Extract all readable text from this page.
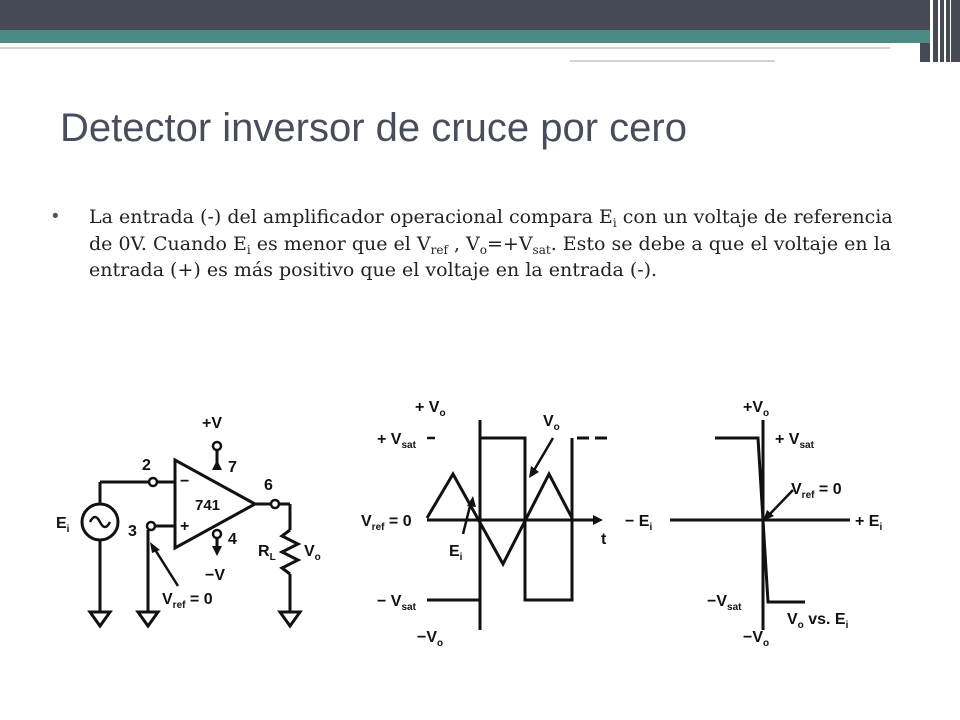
Detector inversor de cruce por cero
• La entrada (-) del amplificador operacional compara $E_i$ con un voltaje de referencia de 0V. Cuando $E_i$ es menor que el $V_{ref}$ , $V_o=+V_{sat}$. Esto se debe a que el voltaje en la entrada (+) es más positivo que el voltaje en la entrada (-).
+V
2	7
6
−
741
+
3	4
−V
$E_i$
$R_L$ $V_o$
$V_{ref} = 0$
+ $V_o$	$V_o$
+ $V_{sat}$
$V_{ref} = 0$
$E_i$
t
− $V_{sat}$
$-V_o$
$+V_o$
+ $V_{sat}$
$V_{ref} = 0$
− $E_i$	+ $E_i$
$-V_{sat}$
$V_o$ vs. $E_i$
$-V_o$
